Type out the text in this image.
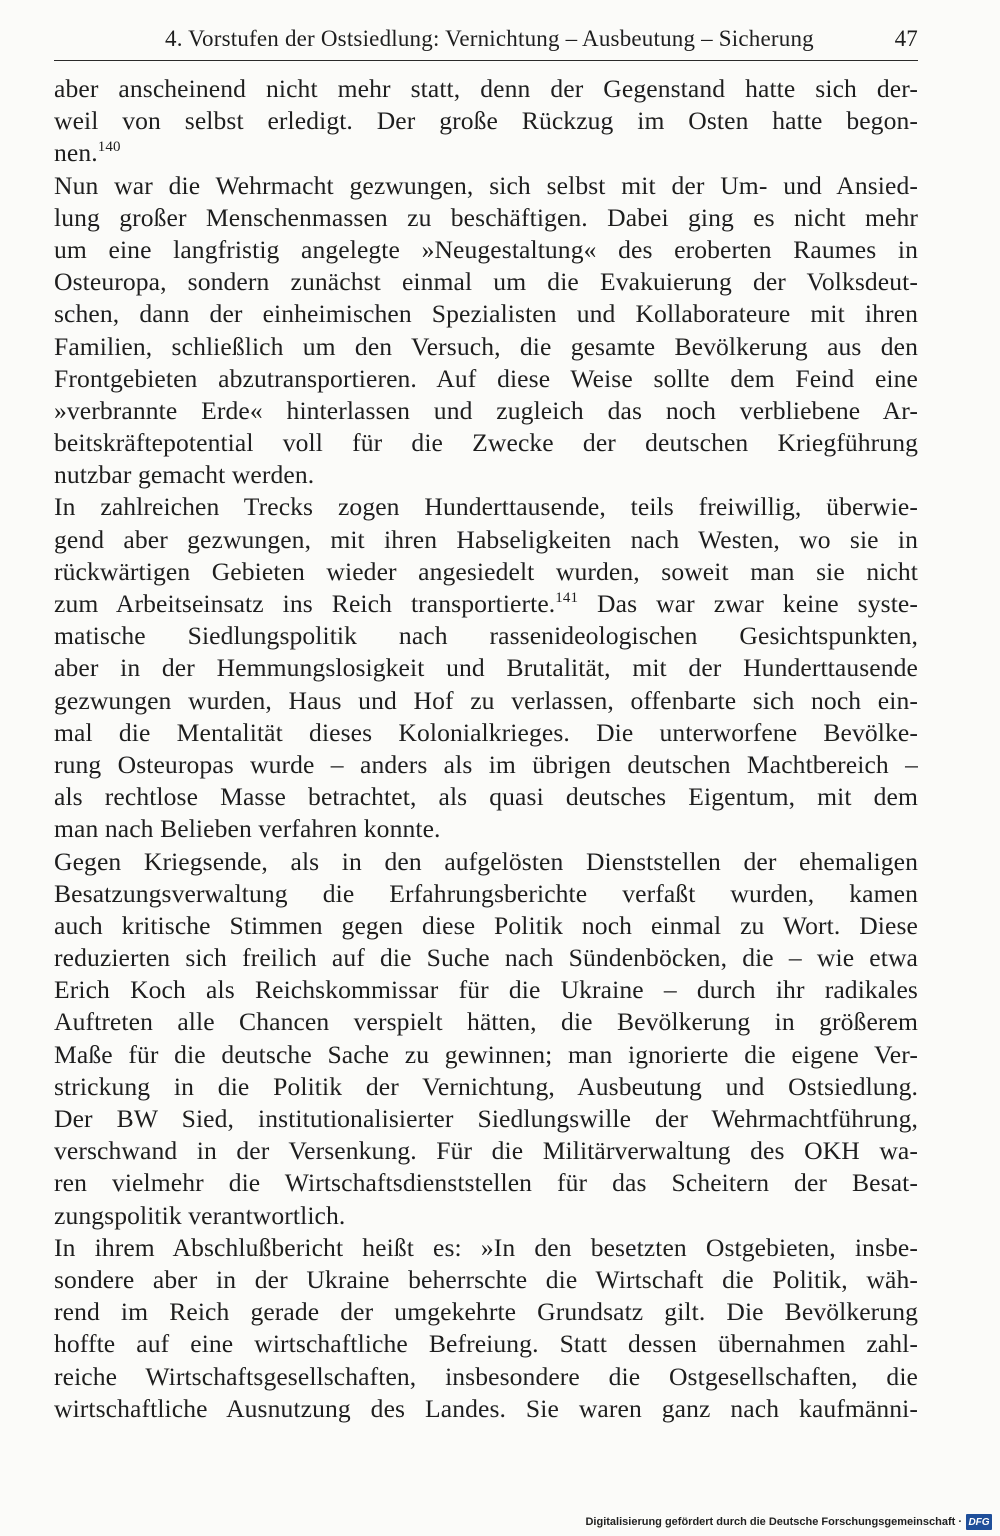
4. Vorstufen der Ostsiedlung: Vernichtung – Ausbeutung – Sicherung	47
aber anscheinend nicht mehr statt, denn der Gegenstand hatte sich der-
weil von selbst erledigt. Der große Rückzug im Osten hatte begon-
nen.$^{140}$
Nun war die Wehrmacht gezwungen, sich selbst mit der Um- und Ansied-
lung großer Menschenmassen zu beschäftigen. Dabei ging es nicht mehr
um eine langfristig angelegte »Neugestaltung« des eroberten Raumes in
Osteuropa, sondern zunächst einmal um die Evakuierung der Volksdeut-
schen, dann der einheimischen Spezialisten und Kollaborateure mit ihren
Familien, schließlich um den Versuch, die gesamte Bevölkerung aus den
Frontgebieten abzutransportieren. Auf diese Weise sollte dem Feind eine
»verbrannte Erde« hinterlassen und zugleich das noch verbliebene Ar-
beitskräftepotential voll für die Zwecke der deutschen Kriegführung
nutzbar gemacht werden.
In zahlreichen Trecks zogen Hunderttausende, teils freiwillig, überwie-
gend aber gezwungen, mit ihren Habseligkeiten nach Westen, wo sie in
rückwärtigen Gebieten wieder angesiedelt wurden, soweit man sie nicht
zum Arbeitseinsatz ins Reich transportierte.$^{141}$ Das war zwar keine syste-
matische Siedlungspolitik nach rassenideologischen Gesichtspunkten,
aber in der Hemmungslosigkeit und Brutalität, mit der Hunderttausende
gezwungen wurden, Haus und Hof zu verlassen, offenbarte sich noch ein-
mal die Mentalität dieses Kolonialkrieges. Die unterworfene Bevölke-
rung Osteuropas wurde – anders als im übrigen deutschen Machtbereich –
als rechtlose Masse betrachtet, als quasi deutsches Eigentum, mit dem
man nach Belieben verfahren konnte.
Gegen Kriegsende, als in den aufgelösten Dienststellen der ehemaligen
Besatzungsverwaltung die Erfahrungsberichte verfaßt wurden, kamen
auch kritische Stimmen gegen diese Politik noch einmal zu Wort. Diese
reduzierten sich freilich auf die Suche nach Sündenböcken, die – wie etwa
Erich Koch als Reichskommissar für die Ukraine – durch ihr radikales
Auftreten alle Chancen verspielt hätten, die Bevölkerung in größerem
Maße für die deutsche Sache zu gewinnen; man ignorierte die eigene Ver-
strickung in die Politik der Vernichtung, Ausbeutung und Ostsiedlung.
Der BW Sied, institutionalisierter Siedlungswille der Wehrmachtführung,
verschwand in der Versenkung. Für die Militärverwaltung des OKH wa-
ren vielmehr die Wirtschaftsdienststellen für das Scheitern der Besat-
zungspolitik verantwortlich.
In ihrem Abschlußbericht heißt es: »In den besetzten Ostgebieten, insbe-
sondere aber in der Ukraine beherrschte die Wirtschaft die Politik, wäh-
rend im Reich gerade der umgekehrte Grundsatz gilt. Die Bevölkerung
hoffte auf eine wirtschaftliche Befreiung. Statt dessen übernahmen zahl-
reiche Wirtschaftsgesellschaften, insbesondere die Ostgesellschaften, die
wirtschaftliche Ausnutzung des Landes. Sie waren ganz nach kaufmänni-
Digitalisierung gefördert durch die Deutsche Forschungsgemeinschaft · DFG
